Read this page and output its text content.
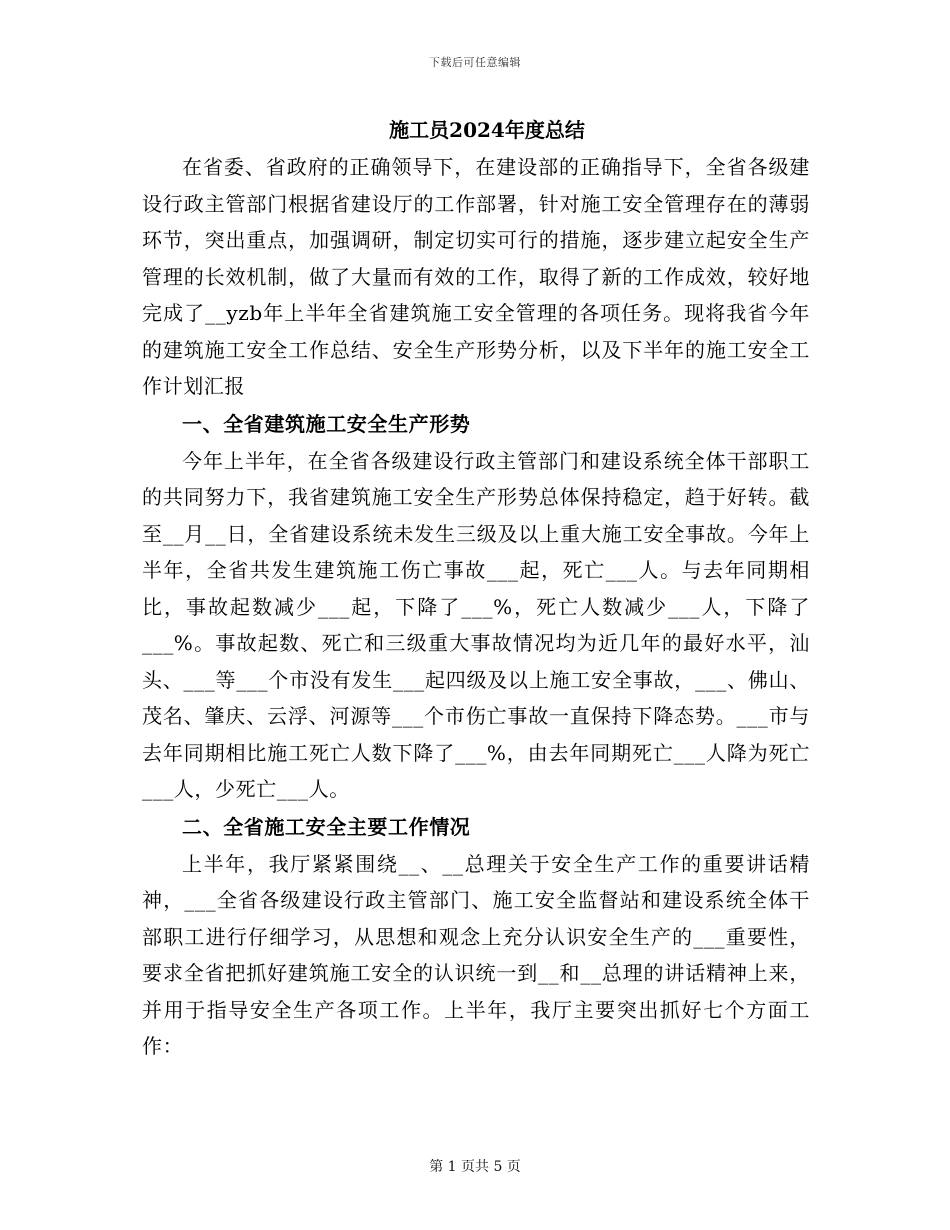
下载后可任意编辑
施工员2024年度总结

在省委、省政府的正确领导下，在建设部的正确指导下，全省各级建设行政主管部门根据省建设厅的工作部署，针对施工安全管理存在的薄弱环节，突出重点，加强调研，制定切实可行的措施，逐步建立起安全生产管理的长效机制，做了大量而有效的工作，取得了新的工作成效，较好地完成了__yzb年上半年全省建筑施工安全管理的各项任务。现将我省今年的建筑施工安全工作总结、安全生产形势分析，以及下半年的施工安全工作计划汇报

一、全省建筑施工安全生产形势

今年上半年，在全省各级建设行政主管部门和建设系统全体干部职工的共同努力下，我省建筑施工安全生产形势总体保持稳定，趋于好转。截至__月__日，全省建设系统未发生三级及以上重大施工安全事故。今年上半年，全省共发生建筑施工伤亡事故___起，死亡___人。与去年同期相比，事故起数减少___起，下降了___%，死亡人数减少___人，下降了___%。事故起数、死亡和三级重大事故情况均为近几年的最好水平，汕头、___等___个市没有发生___起四级及以上施工安全事故，___、佛山、茂名、肇庆、云浮、河源等___个市伤亡事故一直保持下降态势。___市与去年同期相比施工死亡人数下降了___%，由去年同期死亡___人降为死亡___人，少死亡___人。

二、全省施工安全主要工作情况

上半年，我厅紧紧围绕__、__总理关于安全生产工作的重要讲话精神，___全省各级建设行政主管部门、施工安全监督站和建设系统全体干部职工进行仔细学习，从思想和观念上充分认识安全生产的___重要性，要求全省把抓好建筑施工安全的认识统一到__和__总理的讲话精神上来，并用于指导安全生产各项工作。上半年，我厅主要突出抓好七个方面工作：

第 1 页共 5 页
